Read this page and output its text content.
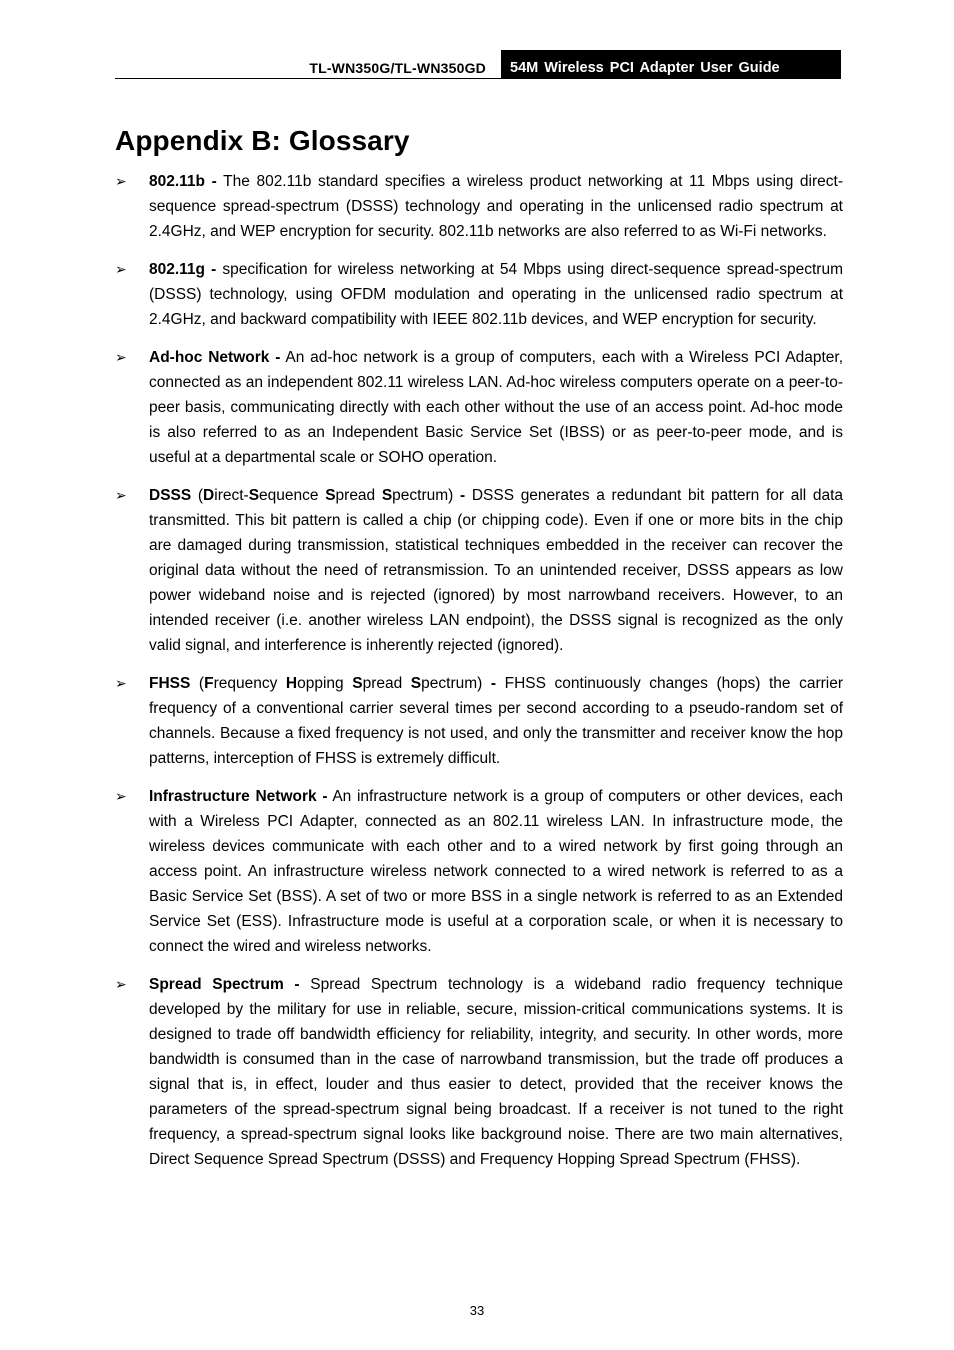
TL-WN350G/TL-WN350GD	54M Wireless PCI Adapter User Guide
Appendix B: Glossary
➢ 802.11b - The 802.11b standard specifies a wireless product networking at 11 Mbps using direct-sequence spread-spectrum (DSSS) technology and operating in the unlicensed radio spectrum at 2.4GHz, and WEP encryption for security. 802.11b networks are also referred to as Wi-Fi networks.
➢ 802.11g - specification for wireless networking at 54 Mbps using direct-sequence spread-spectrum (DSSS) technology, using OFDM modulation and operating in the unlicensed radio spectrum at 2.4GHz, and backward compatibility with IEEE 802.11b devices, and WEP encryption for security.
➢ Ad-hoc Network - An ad-hoc network is a group of computers, each with a Wireless PCI Adapter, connected as an independent 802.11 wireless LAN. Ad-hoc wireless computers operate on a peer-to-peer basis, communicating directly with each other without the use of an access point. Ad-hoc mode is also referred to as an Independent Basic Service Set (IBSS) or as peer-to-peer mode, and is useful at a departmental scale or SOHO operation.
➢ DSSS (Direct-Sequence Spread Spectrum) - DSSS generates a redundant bit pattern for all data transmitted. This bit pattern is called a chip (or chipping code). Even if one or more bits in the chip are damaged during transmission, statistical techniques embedded in the receiver can recover the original data without the need of retransmission. To an unintended receiver, DSSS appears as low power wideband noise and is rejected (ignored) by most narrowband receivers. However, to an intended receiver (i.e. another wireless LAN endpoint), the DSSS signal is recognized as the only valid signal, and interference is inherently rejected (ignored).
➢ FHSS (Frequency Hopping Spread Spectrum) - FHSS continuously changes (hops) the carrier frequency of a conventional carrier several times per second according to a pseudo-random set of channels. Because a fixed frequency is not used, and only the transmitter and receiver know the hop patterns, interception of FHSS is extremely difficult.
➢ Infrastructure Network - An infrastructure network is a group of computers or other devices, each with a Wireless PCI Adapter, connected as an 802.11 wireless LAN. In infrastructure mode, the wireless devices communicate with each other and to a wired network by first going through an access point. An infrastructure wireless network connected to a wired network is referred to as a Basic Service Set (BSS). A set of two or more BSS in a single network is referred to as an Extended Service Set (ESS). Infrastructure mode is useful at a corporation scale, or when it is necessary to connect the wired and wireless networks.
➢ Spread Spectrum - Spread Spectrum technology is a wideband radio frequency technique developed by the military for use in reliable, secure, mission-critical communications systems. It is designed to trade off bandwidth efficiency for reliability, integrity, and security. In other words, more bandwidth is consumed than in the case of narrowband transmission, but the trade off produces a signal that is, in effect, louder and thus easier to detect, provided that the receiver knows the parameters of the spread-spectrum signal being broadcast. If a receiver is not tuned to the right frequency, a spread-spectrum signal looks like background noise. There are two main alternatives, Direct Sequence Spread Spectrum (DSSS) and Frequency Hopping Spread Spectrum (FHSS).
33
